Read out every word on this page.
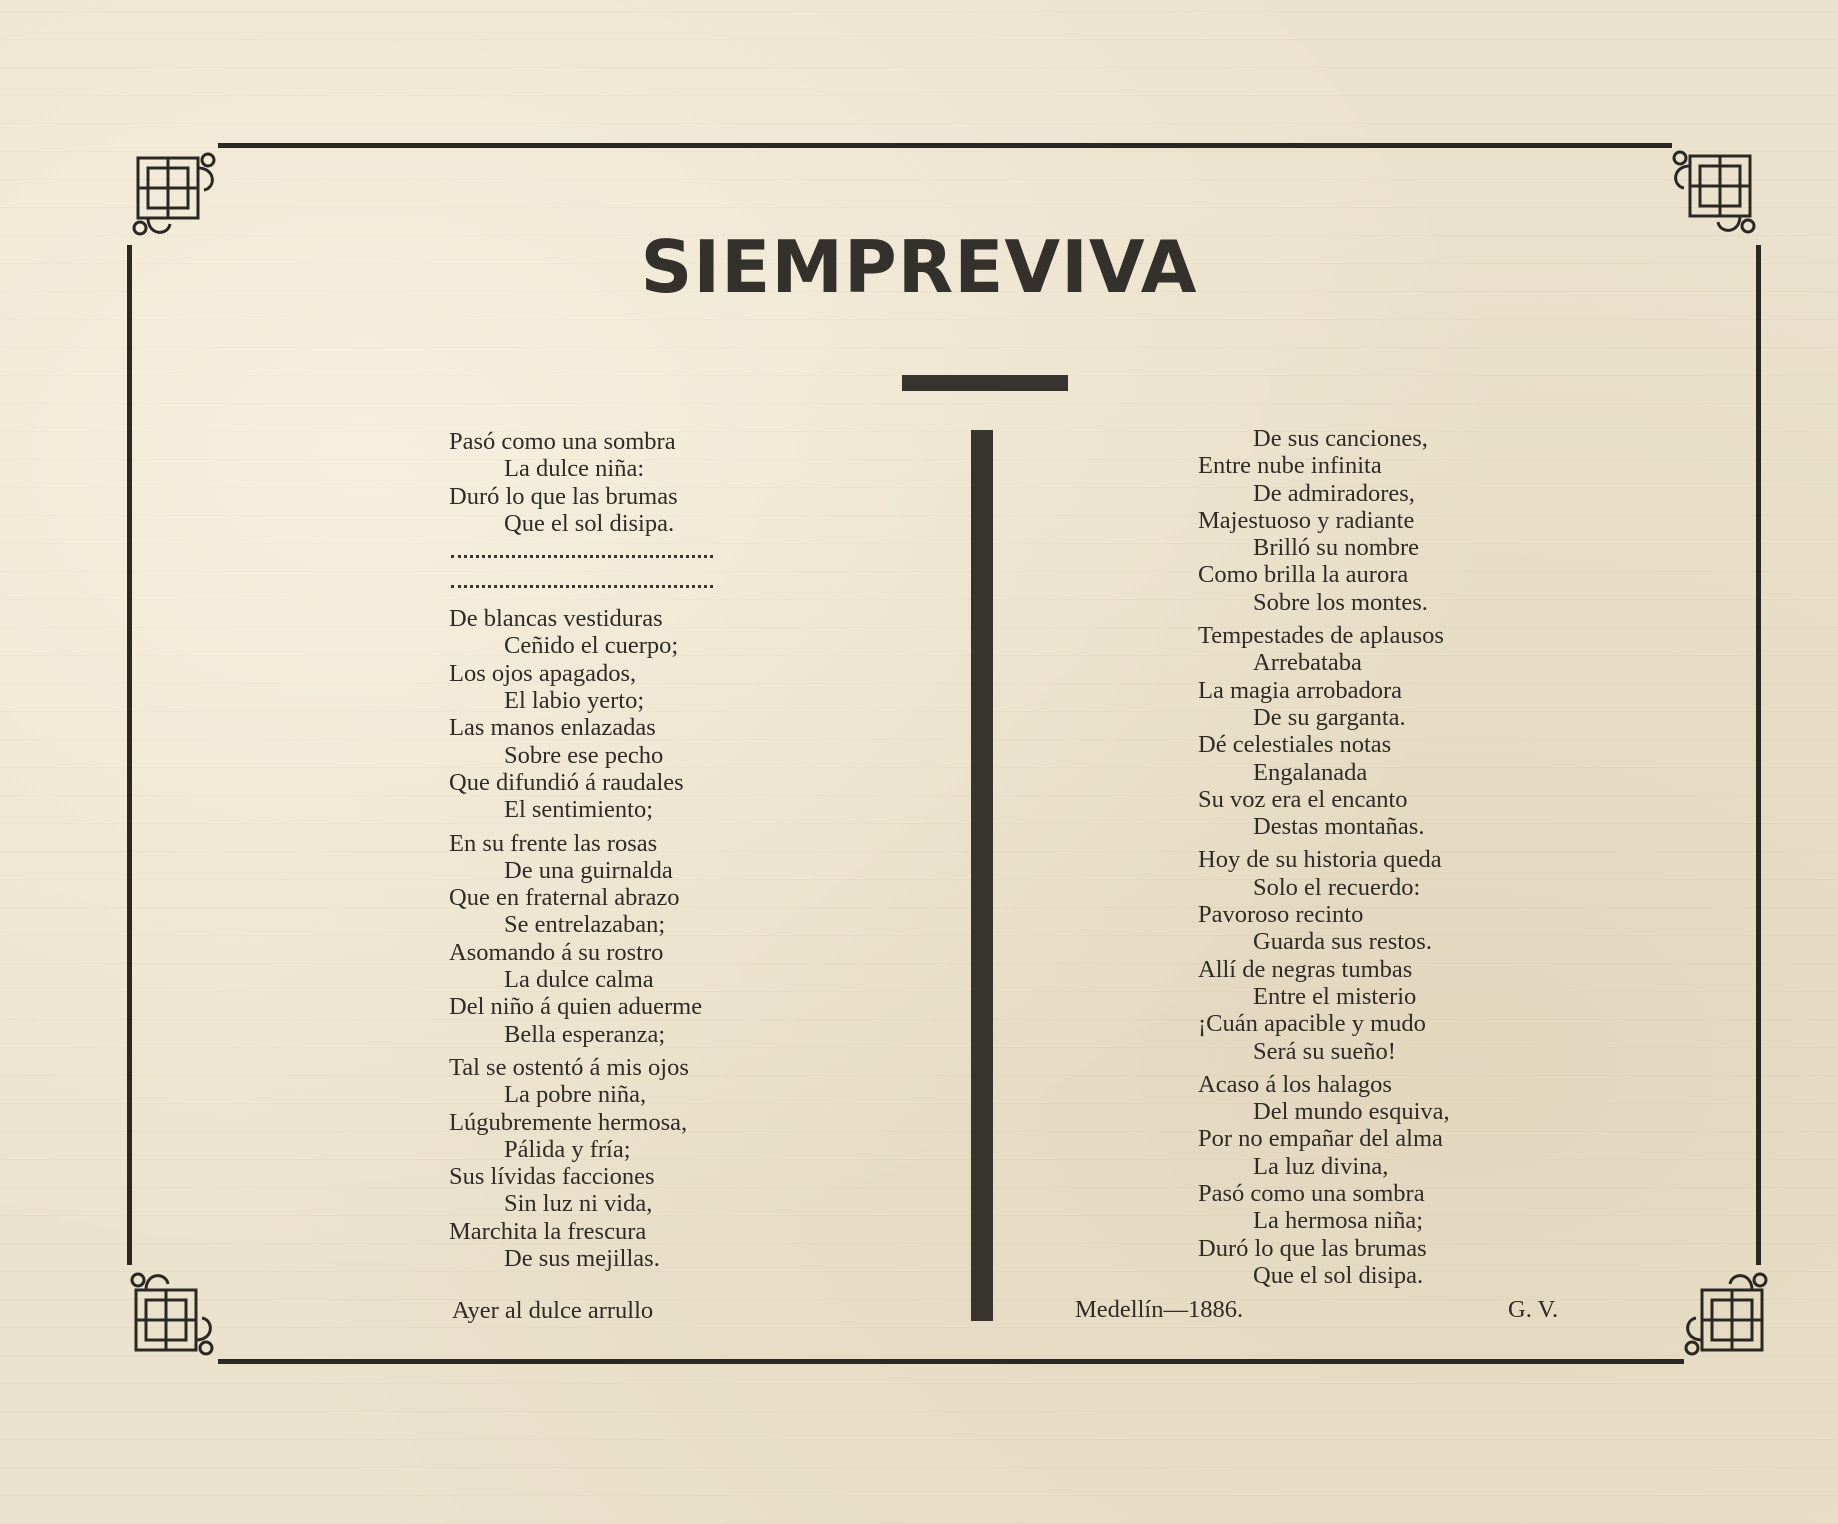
SIEMPREVIVA
Pasó como una sombra
La dulce niña:
Duró lo que las brumas
Que el sol disipa.
De blancas vestiduras
Ceñido el cuerpo;
Los ojos apagados,
El labio yerto;
Las manos enlazadas
Sobre ese pecho
Que difundió á raudales
El sentimiento;
En su frente las rosas
De una guirnalda
Que en fraternal abrazo
Se entrelazaban;
Asomando á su rostro
La dulce calma
Del niño á quien aduerme
Bella esperanza;
Tal se ostentó á mis ojos
La pobre niña,
Lúgubremente hermosa,
Pálida y fría;
Sus lívidas facciones
Sin luz ni vida,
Marchita la frescura
De sus mejillas.
Ayer al dulce arrullo
De sus canciones,
Entre nube infinita
De admiradores,
Majestuoso y radiante
Brilló su nombre
Como brilla la aurora
Sobre los montes.
Tempestades de aplausos
Arrebataba
La magia arrobadora
De su garganta.
Dé celestiales notas
Engalanada
Su voz era el encanto
Destas montañas.
Hoy de su historia queda
Solo el recuerdo:
Pavoroso recinto
Guarda sus restos.
Allí de negras tumbas
Entre el misterio
¡Cuán apacible y mudo
Será su sueño!
Acaso á los halagos
Del mundo esquiva,
Por no empañar del alma
La luz divina,
Pasó como una sombra
La hermosa niña;
Duró lo que las brumas
Que el sol disipa.
Medellín—1886.	G. V.
